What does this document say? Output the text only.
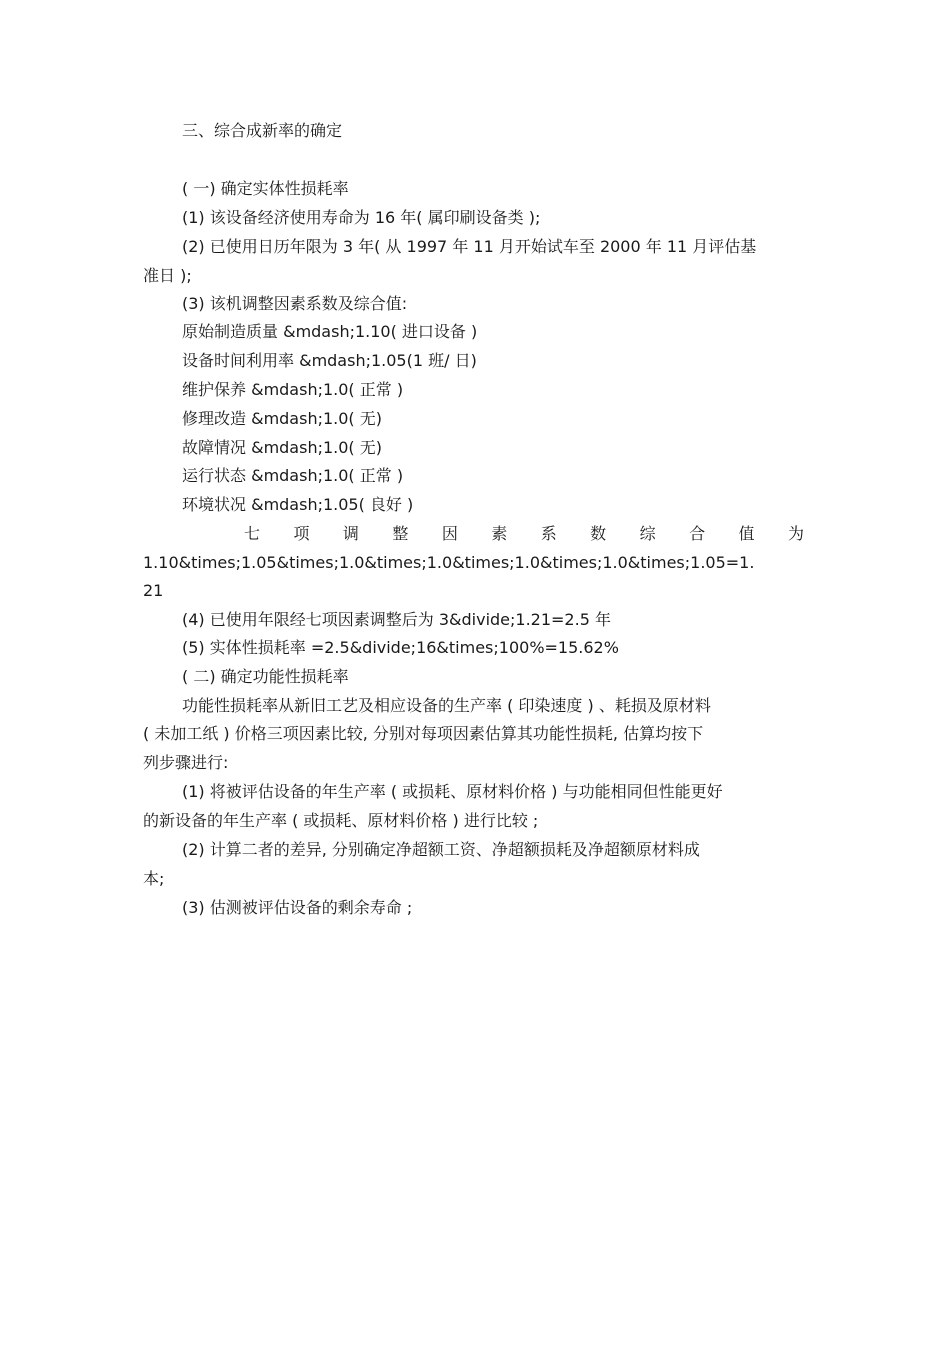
三、综合成新率的确定
( 一) 确定实体性损耗率
(1) 该设备经济使用寿命为 16 年( 属印刷设备类 );
(2) 已使用日历年限为 3 年( 从 1997 年 11 月开始试车至 2000 年 11 月评估基
准日 );
(3) 该机调整因素系数及综合值:
原始制造质量 &mdash;1.10( 进口设备 )
设备时间利用率 &mdash;1.05(1 班/ 日)
维护保养 &mdash;1.0( 正常 )
修理改造 &mdash;1.0( 无)
故障情况 &mdash;1.0( 无)
运行状态 &mdash;1.0( 正常 )
环境状况 &mdash;1.05( 良好 )
七 项 调 整 因 素 系 数 综 合 值 为
1.10&times;1.05&times;1.0&times;1.0&times;1.0&times;1.0&times;1.05=1.
21
(4) 已使用年限经七项因素调整后为 3&divide;1.21=2.5 年
(5) 实体性损耗率 =2.5&divide;16&times;100%=15.62%
( 二) 确定功能性损耗率
功能性损耗率从新旧工艺及相应设备的生产率 ( 印染速度 ) 、耗损及原材料
( 未加工纸 ) 价格三项因素比较, 分别对每项因素估算其功能性损耗, 估算均按下
列步骤进行:
(1) 将被评估设备的年生产率 ( 或损耗、原材料价格 ) 与功能相同但性能更好
的新设备的年生产率 ( 或损耗、原材料价格 ) 进行比较 ;
(2) 计算二者的差异, 分别确定净超额工资、净超额损耗及净超额原材料成
本;
(3) 估测被评估设备的剩余寿命 ;
